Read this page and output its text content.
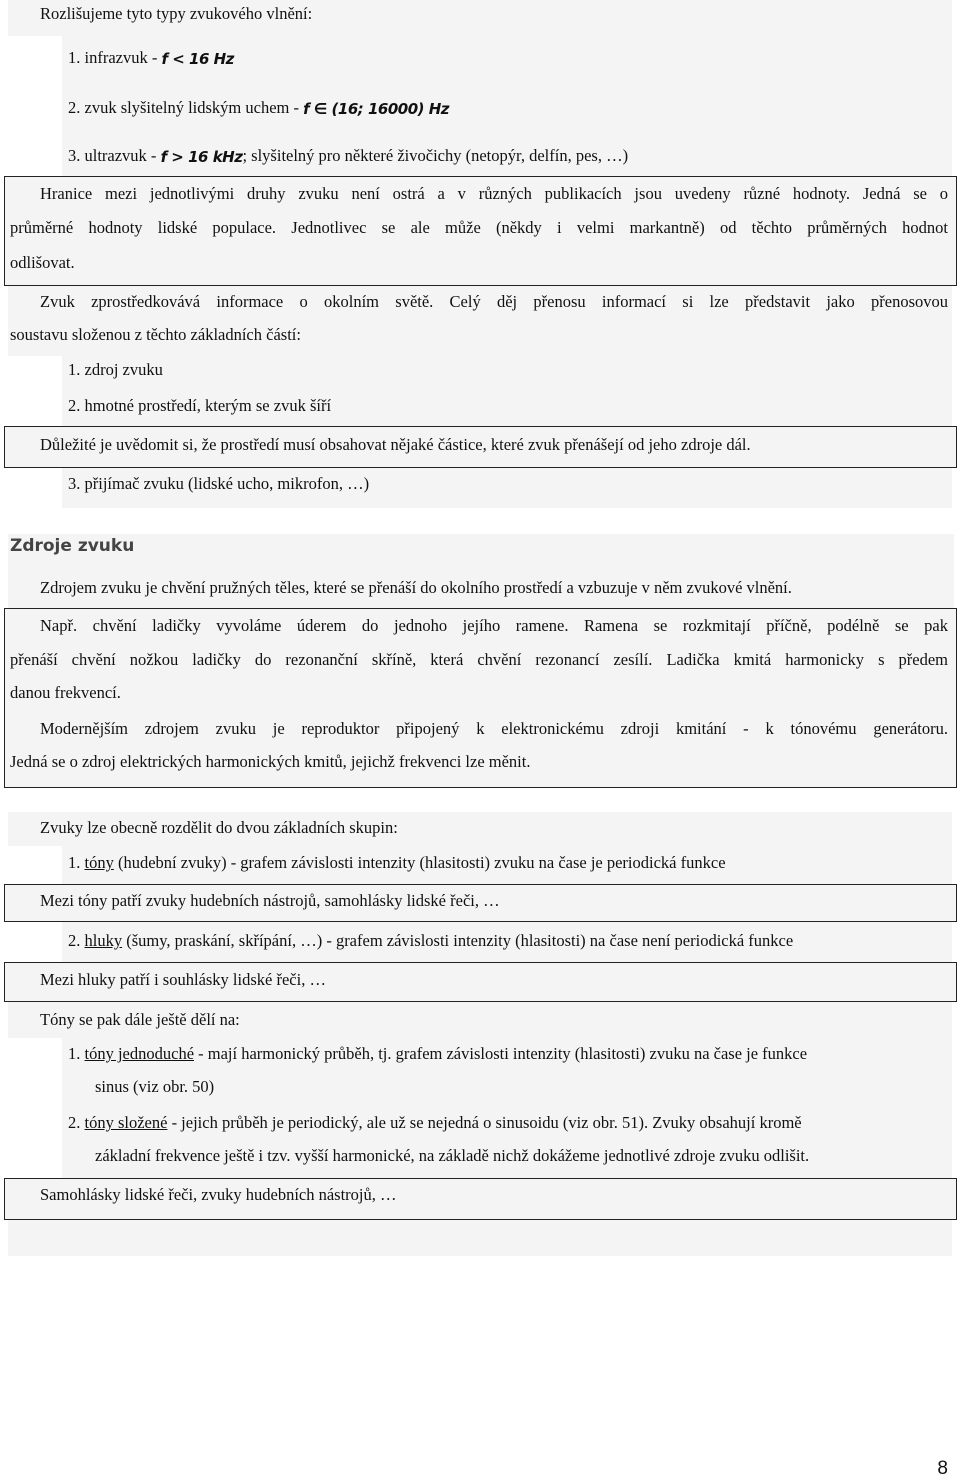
Rozlišujeme tyto typy zvukového vlnění:
1. infrazvuk - f < 16 Hz
2. zvuk slyšitelný lidským uchem - f ∈ (16; 16000) Hz
3. ultrazvuk - f > 16 kHz; slyšitelný pro některé živočichy (netopýr, delfín, pes, …)
Hranice mezi jednotlivými druhy zvuku není ostrá a v různých publikacích jsou uvedeny různé hodnoty. Jedná se o
průměrné hodnoty lidské populace. Jednotlivec se ale může (někdy i velmi markantně) od těchto průměrných hodnot
odlišovat.
Zvuk zprostředkovává informace o okolním světě. Celý děj přenosu informací si lze představit jako přenosovou
soustavu složenou z těchto základních částí:
1. zdroj zvuku
2. hmotné prostředí, kterým se zvuk šíří
Důležité je uvědomit si, že prostředí musí obsahovat nějaké částice, které zvuk přenášejí od jeho zdroje dál.
3. přijímač zvuku (lidské ucho, mikrofon, …)
Zdroje zvuku
Zdrojem zvuku je chvění pružných těles, které se přenáší do okolního prostředí a vzbuzuje v něm zvukové vlnění.
Např. chvění ladičky vyvoláme úderem do jednoho jejího ramene. Ramena se rozkmitají příčně, podélně se pak
přenáší chvění nožkou ladičky do rezonanční skříně, která chvění rezonancí zesílí. Ladička kmitá harmonicky s předem
danou frekvencí.
Modernějším zdrojem zvuku je reproduktor připojený k elektronickému zdroji kmitání - k tónovému generátoru.
Jedná se o zdroj elektrických harmonických kmitů, jejichž frekvenci lze měnit.
Zvuky lze obecně rozdělit do dvou základních skupin:
1. tóny (hudební zvuky) - grafem závislosti intenzity (hlasitosti) zvuku na čase je periodická funkce
Mezi tóny patří zvuky hudebních nástrojů, samohlásky lidské řeči, …
2. hluky (šumy, praskání, skřípání, …) - grafem závislosti intenzity (hlasitosti) na čase není periodická funkce
Mezi hluky patří i souhlásky lidské řeči, …
Tóny se pak dále ještě dělí na:
1. tóny jednoduché - mají harmonický průběh, tj. grafem závislosti intenzity (hlasitosti) zvuku na čase je funkce
sinus (viz obr. 50)
2. tóny složené - jejich průběh je periodický, ale už se nejedná o sinusoidu (viz obr. 51). Zvuky obsahují kromě
základní frekvence ještě i tzv. vyšší harmonické, na základě nichž dokážeme jednotlivé zdroje zvuku odlišit.
Samohlásky lidské řeči, zvuky hudebních nástrojů, …
8
